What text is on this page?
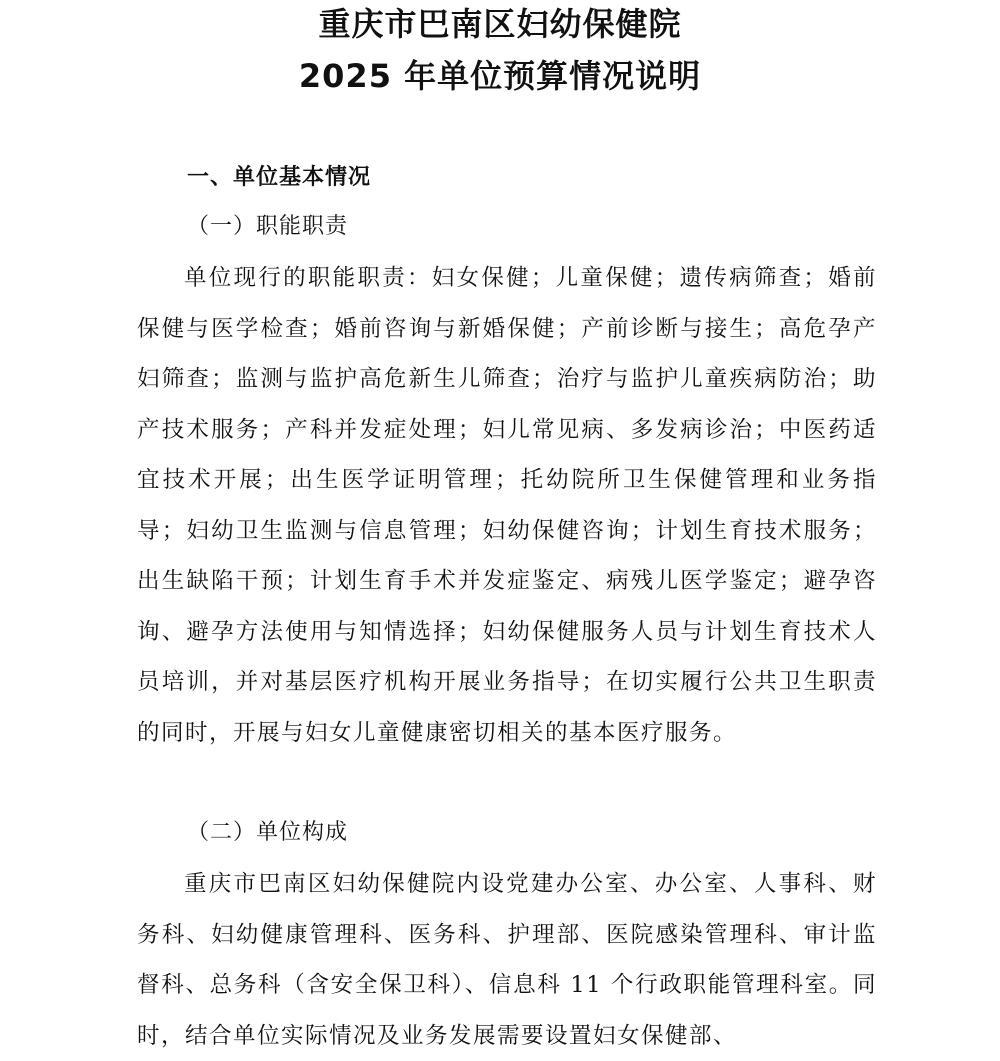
重庆市巴南区妇幼保健院
2025 年单位预算情况说明
一、单位基本情况
（一）职能职责

单位现行的职能职责：妇女保健；儿童保健；遗传病筛查；婚前保健与医学检查；婚前咨询与新婚保健；产前诊断与接生；高危孕产妇筛查；监测与监护高危新生儿筛查；治疗与监护儿童疾病防治；助产技术服务；产科并发症处理；妇儿常见病、多发病诊治；中医药适宜技术开展；出生医学证明管理；托幼院所卫生保健管理和业务指导；妇幼卫生监测与信息管理；妇幼保健咨询；计划生育技术服务；出生缺陷干预；计划生育手术并发症鉴定、病残儿医学鉴定；避孕咨询、避孕方法使用与知情选择；妇幼保健服务人员与计划生育技术人员培训，并对基层医疗机构开展业务指导；在切实履行公共卫生职责的同时，开展与妇女儿童健康密切相关的基本医疗服务。

（二）单位构成

重庆市巴南区妇幼保健院内设党建办公室、办公室、人事科、财务科、妇幼健康管理科、医务科、护理部、医院感染管理科、审计监督科、总务科（含安全保卫科）、信息科 11 个行政职能管理科室。同时，结合单位实际情况及业务发展需要设置妇女保健部、
